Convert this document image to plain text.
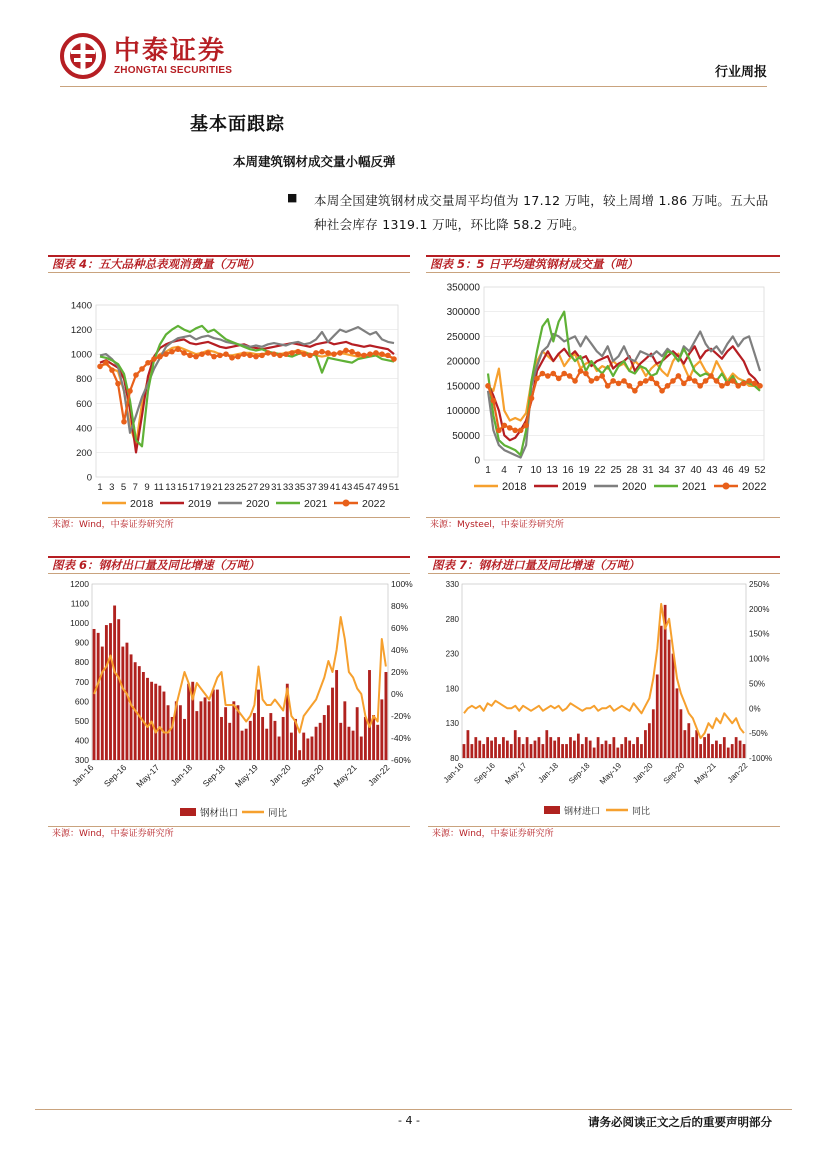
中泰证券
ZHONGTAI SECURITIES	行业周报
基本面跟踪
本周建筑钢材成交量小幅反弹
■ 本周全国建筑钢材成交量周平均值为 17.12 万吨，较上周增 1.86 万吨。五大品种社会库存 1319.1 万吨，环比降 58.2 万吨。
图表 4：五大品种总表观消费量（万吨）	图表 5：5 日平均建筑钢材成交量（吨）
来源：Wind，中泰证券研究所	来源：Mysteel，中泰证券研究所
图表 6：钢材出口量及同比增速（万吨）	图表 7：钢材进口量及同比增速（万吨）
来源：Wind，中泰证券研究所	来源：Wind，中泰证券研究所
0
200
400
600
800
1000
1200
1400
1 3 5 7 9 11 13 15 17 19 21 23 25 27 29 31 33 35 37 39 41 43 45 47 49 51
2018	2019	2020	2021	2022
0
50000
100000
150000
200000
250000
300000
350000
1 4 7 10 13 16 19 22 25 28 31 34 37 40 43 46 49 52
2018	2019	2020	2021	2022
300
400
500
600
700
800
900
1000
1100
1200
-60%
-40%
-20%
0%
20%
40%
60%
80%
100%
Jan-16 Sep-16 May-17 Jan-18 Sep-18 May-19 Jan-20 Sep-20 May-21 Jan-22
钢材出口	同比
80
130
180
230
280
330
-100%
-50%
0%
50%
100%
150%
200%
250%
Jan-16 Sep-16 May-17 Jan-18 Sep-18 May-19 Jan-20 Sep-20 May-21 Jan-22
钢材进口	同比
- 4 -	请务必阅读正文之后的重要声明部分
